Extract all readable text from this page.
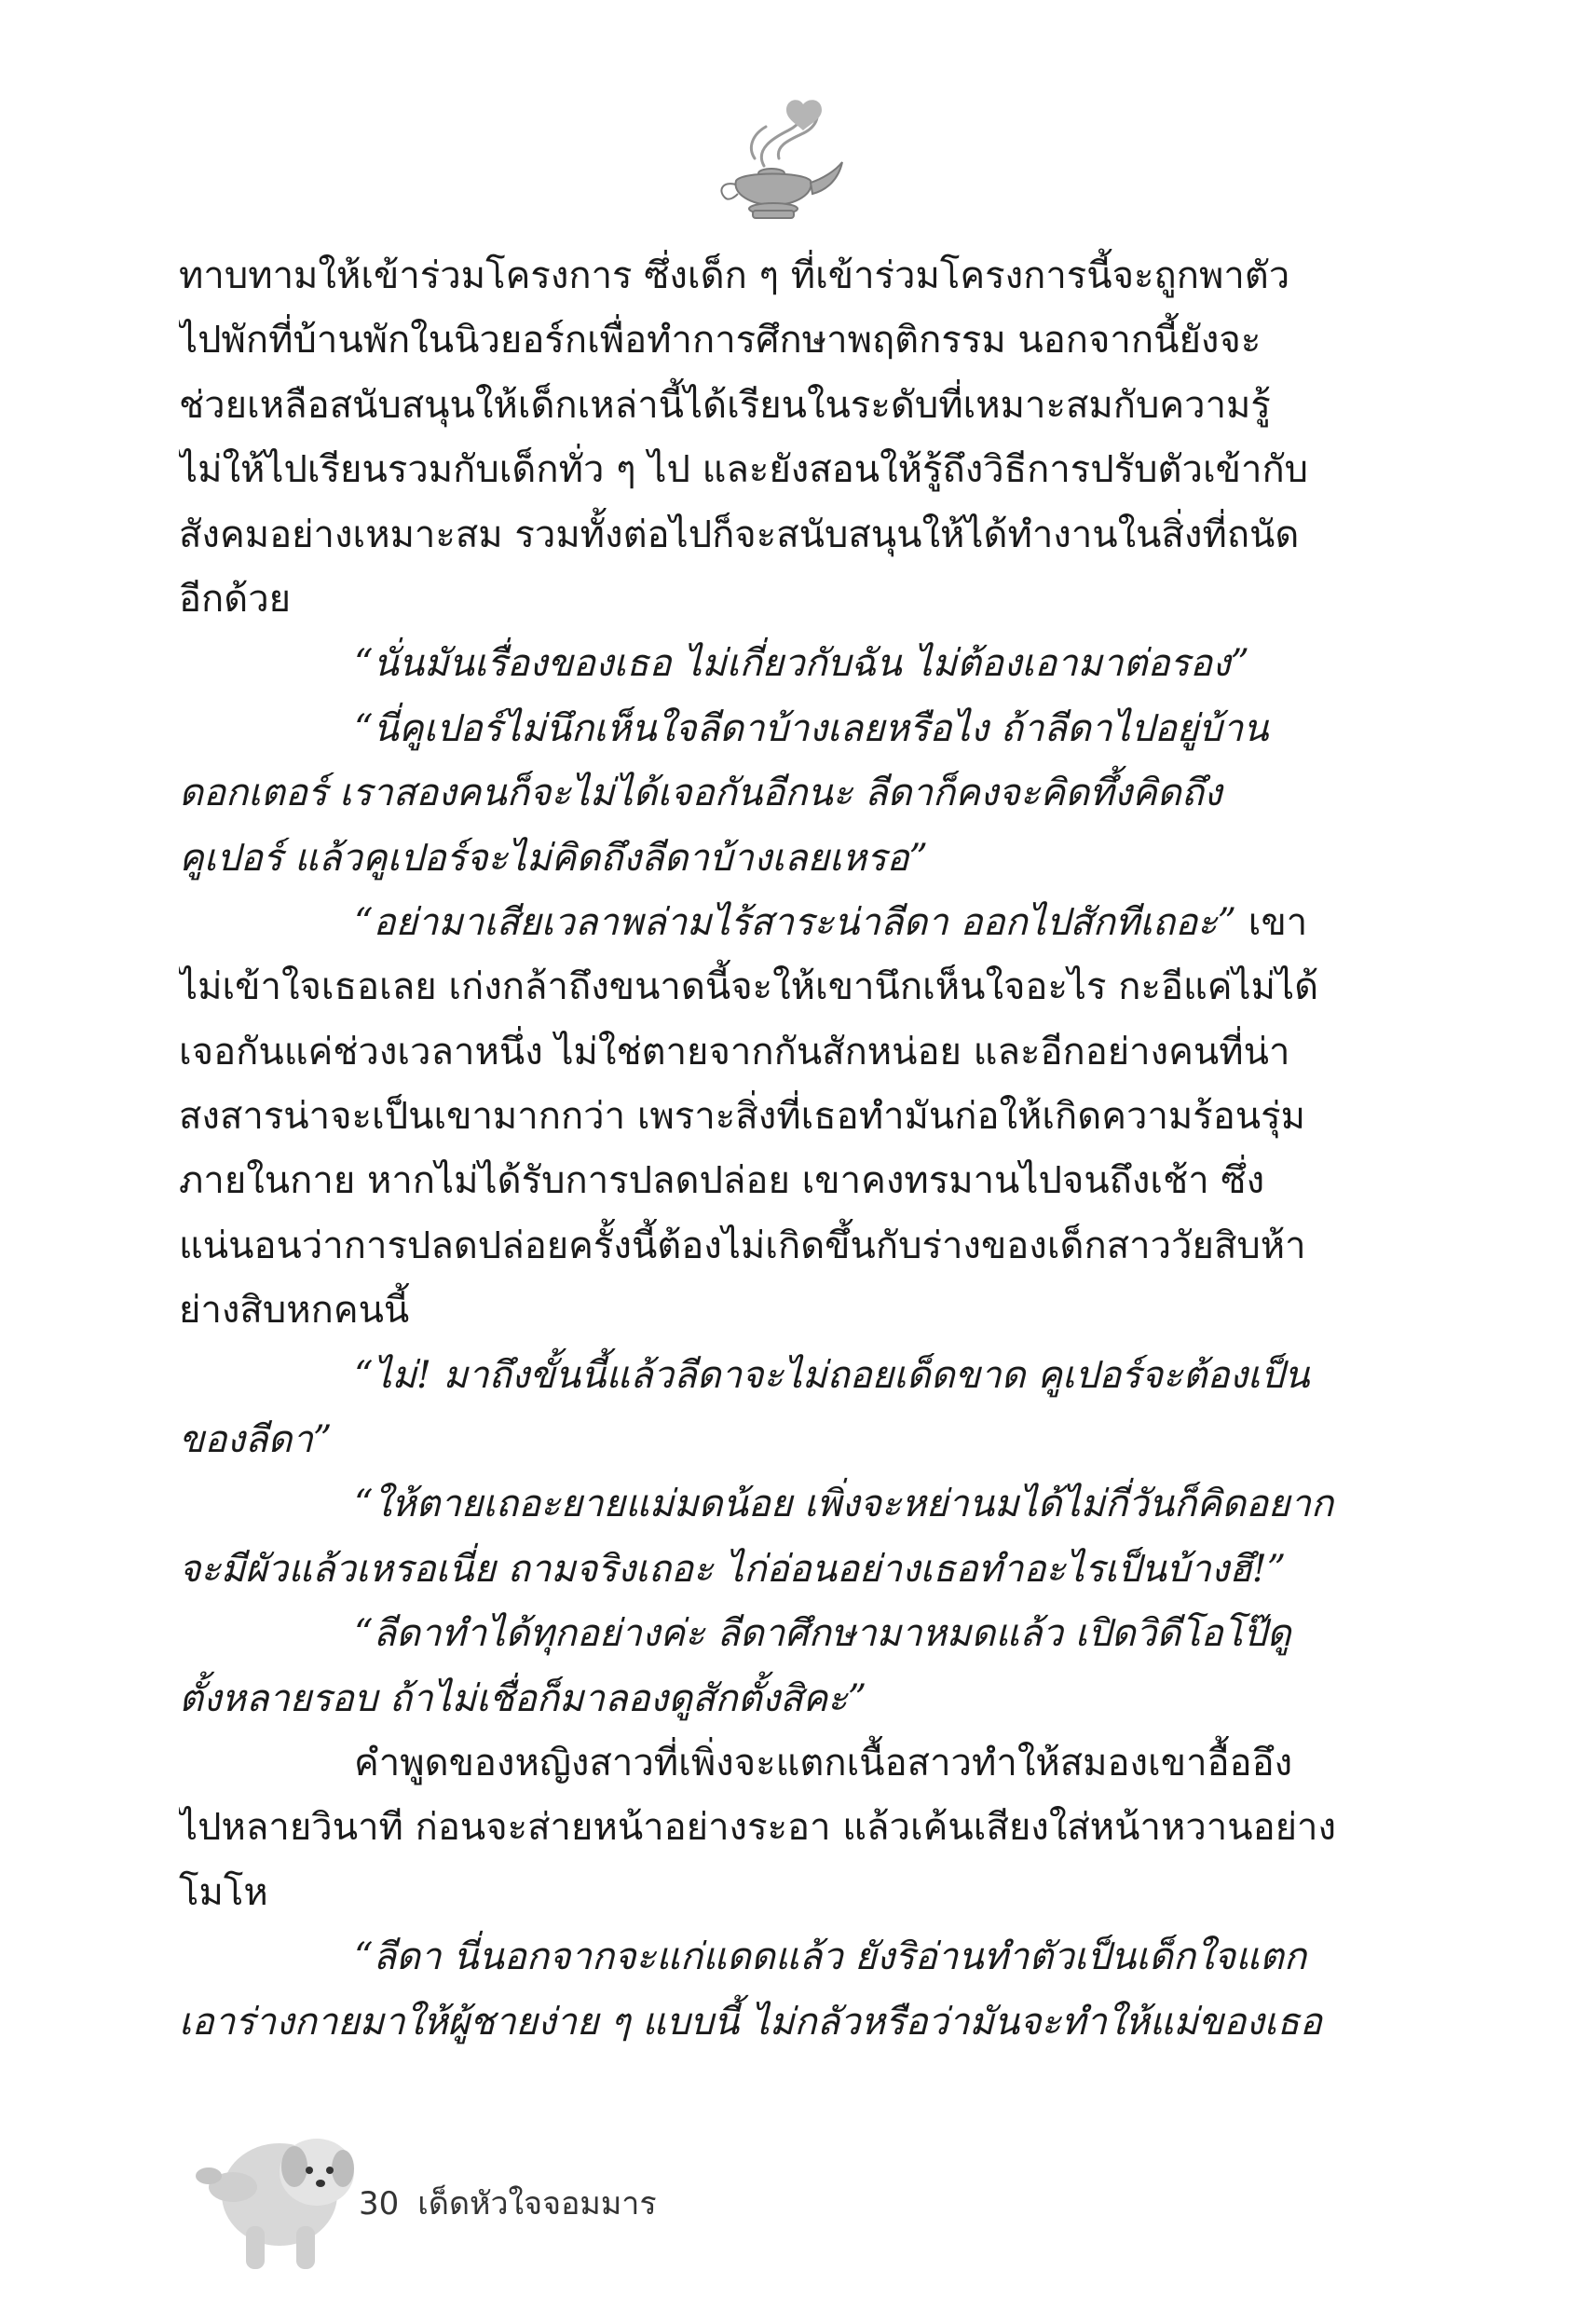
ทาบทามให้เข้าร่วมโครงการ ซึ่งเด็ก ๆ ที่เข้าร่วมโครงการนี้จะถูกพาตัว
ไปพักที่บ้านพักในนิวยอร์กเพื่อทำการศึกษาพฤติกรรม นอกจากนี้ยังจะ
ช่วยเหลือสนับสนุนให้เด็กเหล่านี้ได้เรียนในระดับที่เหมาะสมกับความรู้
ไม่ให้ไปเรียนรวมกับเด็กทั่ว ๆ ไป และยังสอนให้รู้ถึงวิธีการปรับตัวเข้ากับ
สังคมอย่างเหมาะสม รวมทั้งต่อไปก็จะสนับสนุนให้ได้ทำงานในสิ่งที่ถนัด
อีกด้วย
“นั่นมันเรื่องของเธอ ไม่เกี่ยวกับฉัน ไม่ต้องเอามาต่อรอง”
“นี่คูเปอร์ไม่นึกเห็นใจลีดาบ้างเลยหรือไง ถ้าลีดาไปอยู่บ้าน
ดอกเตอร์ เราสองคนก็จะไม่ได้เจอกันอีกนะ ลีดาก็คงจะคิดทึ้งคิดถึง
คูเปอร์ แล้วคูเปอร์จะไม่คิดถึงลีดาบ้างเลยเหรอ”
“อย่ามาเสียเวลาพล่ามไร้สาระน่าลีดา ออกไปสักทีเถอะ” เขา
ไม่เข้าใจเธอเลย เก่งกล้าถึงขนาดนี้จะให้เขานึกเห็นใจอะไร กะอีแค่ไม่ได้
เจอกันแค่ช่วงเวลาหนึ่ง ไม่ใช่ตายจากกันสักหน่อย และอีกอย่างคนที่น่า
สงสารน่าจะเป็นเขามากกว่า เพราะสิ่งที่เธอทำมันก่อให้เกิดความร้อนรุ่ม
ภายในกาย หากไม่ได้รับการปลดปล่อย เขาคงทรมานไปจนถึงเช้า ซึ่ง
แน่นอนว่าการปลดปล่อยครั้งนี้ต้องไม่เกิดขึ้นกับร่างของเด็กสาววัยสิบห้า
ย่างสิบหกคนนี้
“ไม่! มาถึงขั้นนี้แล้วลีดาจะไม่ถอยเด็ดขาด คูเปอร์จะต้องเป็น
ของลีดา”
“ให้ตายเถอะยายแม่มดน้อย เพิ่งจะหย่านมได้ไม่กี่วันก็คิดอยาก
จะมีผัวแล้วเหรอเนี่ย ถามจริงเถอะ ไก่อ่อนอย่างเธอทำอะไรเป็นบ้างฮึ!”
“ลีดาทำได้ทุกอย่างค่ะ ลีดาศึกษามาหมดแล้ว เปิดวิดีโอโป๊ดู
ตั้งหลายรอบ ถ้าไม่เชื่อก็มาลองดูสักตั้งสิคะ”
คำพูดของหญิงสาวที่เพิ่งจะแตกเนื้อสาวทำให้สมองเขาอื้ออึง
ไปหลายวินาที ก่อนจะส่ายหน้าอย่างระอา แล้วเค้นเสียงใส่หน้าหวานอย่าง
โมโห
“ลีดา นี่นอกจากจะแก่แดดแล้ว ยังริอ่านทำตัวเป็นเด็กใจแตก
เอาร่างกายมาให้ผู้ชายง่าย ๆ แบบนี้ ไม่กลัวหรือว่ามันจะทำให้แม่ของเธอ
30 เด็ดหัวใจจอมมาร
